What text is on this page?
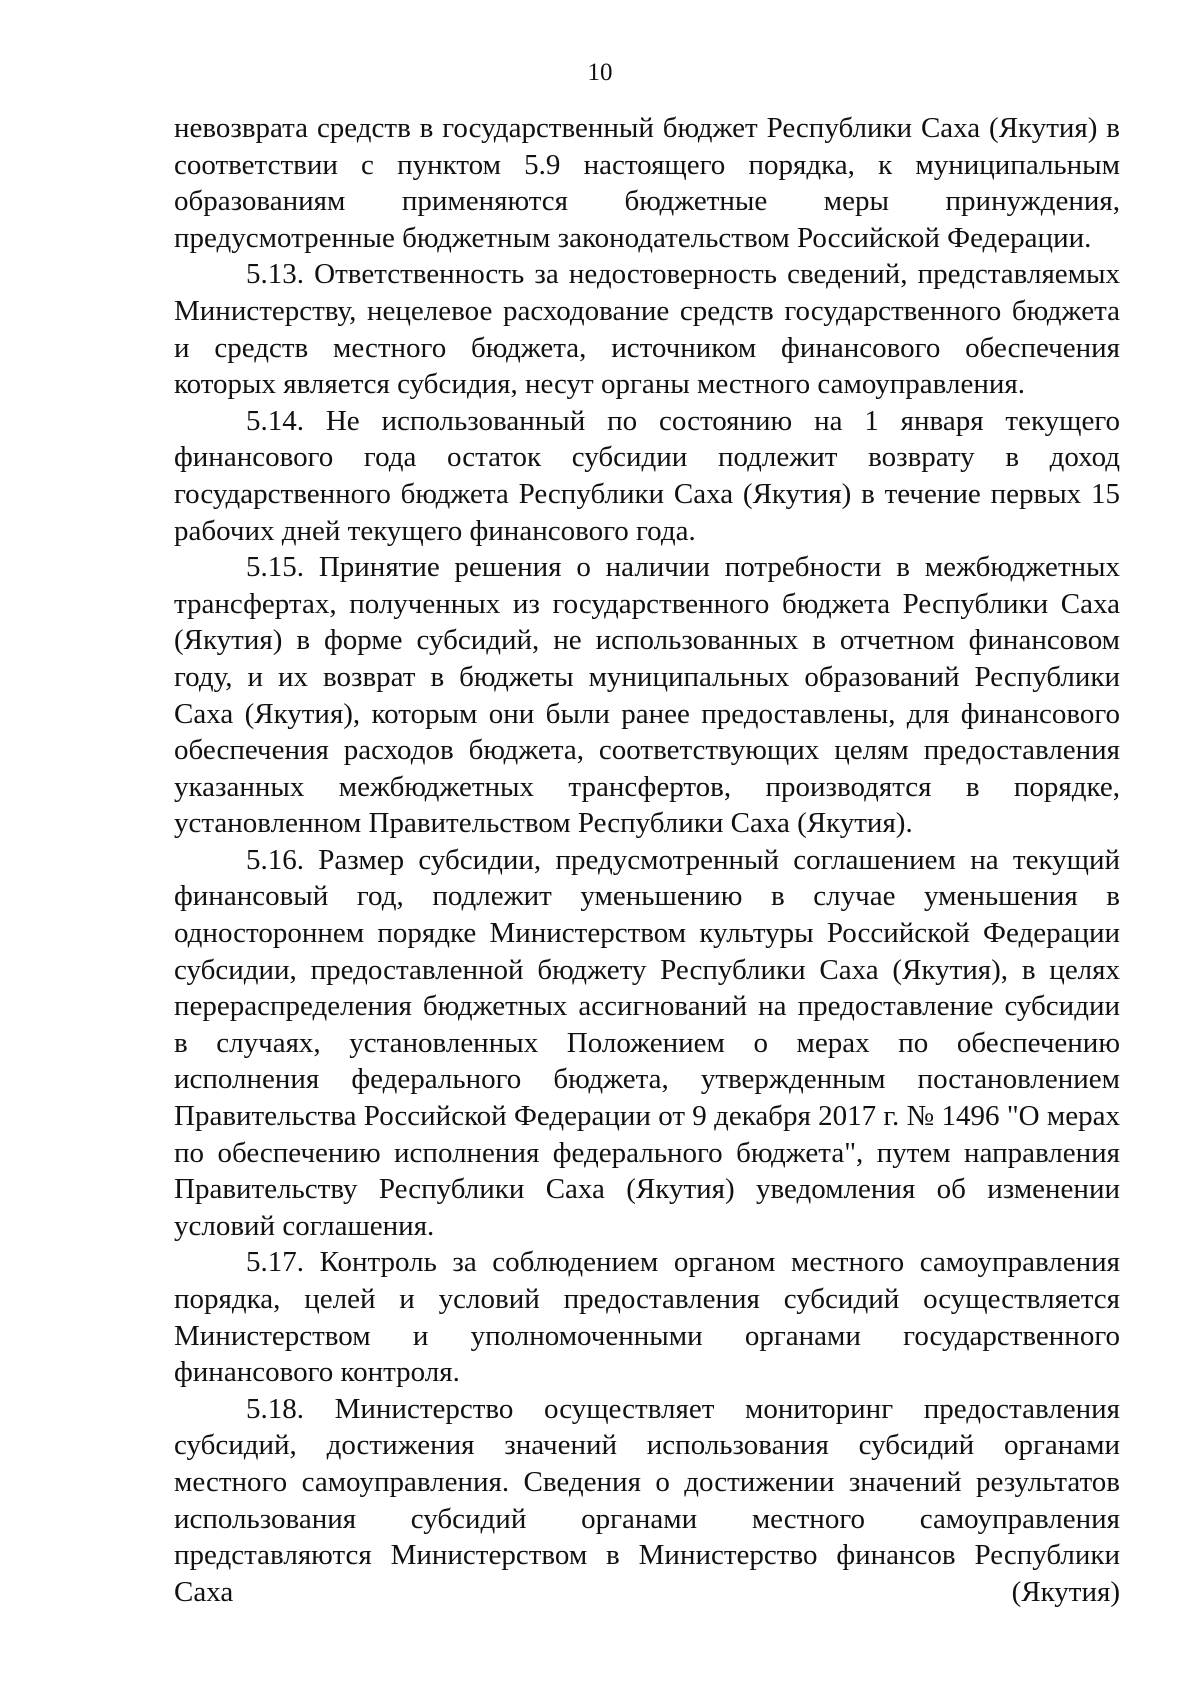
10

невозврата средств в государственный бюджет Республики Саха (Якутия) в соответствии с пунктом 5.9 настоящего порядка, к муниципальным образованиям применяются бюджетные меры принуждения, предусмотренные бюджетным законодательством Российской Федерации.

5.13. Ответственность за недостоверность сведений, представляемых Министерству, нецелевое расходование средств государственного бюджета и средств местного бюджета, источником финансового обеспечения которых является субсидия, несут органы местного самоуправления.

5.14. Не использованный по состоянию на 1 января текущего финансового года остаток субсидии подлежит возврату в доход государственного бюджета Республики Саха (Якутия) в течение первых 15 рабочих дней текущего финансового года.

5.15. Принятие решения о наличии потребности в межбюджетных трансфертах, полученных из государственного бюджета Республики Саха (Якутия) в форме субсидий, не использованных в отчетном финансовом году, и их возврат в бюджеты муниципальных образований Республики Саха (Якутия), которым они были ранее предоставлены, для финансового обеспечения расходов бюджета, соответствующих целям предоставления указанных межбюджетных трансфертов, производятся в порядке, установленном Правительством Республики Саха (Якутия).

5.16. Размер субсидии, предусмотренный соглашением на текущий финансовый год, подлежит уменьшению в случае уменьшения в одностороннем порядке Министерством культуры Российской Федерации субсидии, предоставленной бюджету Республики Саха (Якутия), в целях перераспределения бюджетных ассигнований на предоставление субсидии в случаях, установленных Положением о мерах по обеспечению исполнения федерального бюджета, утвержденным постановлением Правительства Российской Федерации от 9 декабря 2017 г. № 1496 "О мерах по обеспечению исполнения федерального бюджета", путем направления Правительству Республики Саха (Якутия) уведомления об изменении условий соглашения.

5.17. Контроль за соблюдением органом местного самоуправления порядка, целей и условий предоставления субсидий осуществляется Министерством и уполномоченными органами государственного финансового контроля.

5.18. Министерство осуществляет мониторинг предоставления субсидий, достижения значений использования субсидий органами местного самоуправления. Сведения о достижении значений результатов использования субсидий органами местного самоуправления представляются Министерством в Министерство финансов Республики Саха (Якутия)
